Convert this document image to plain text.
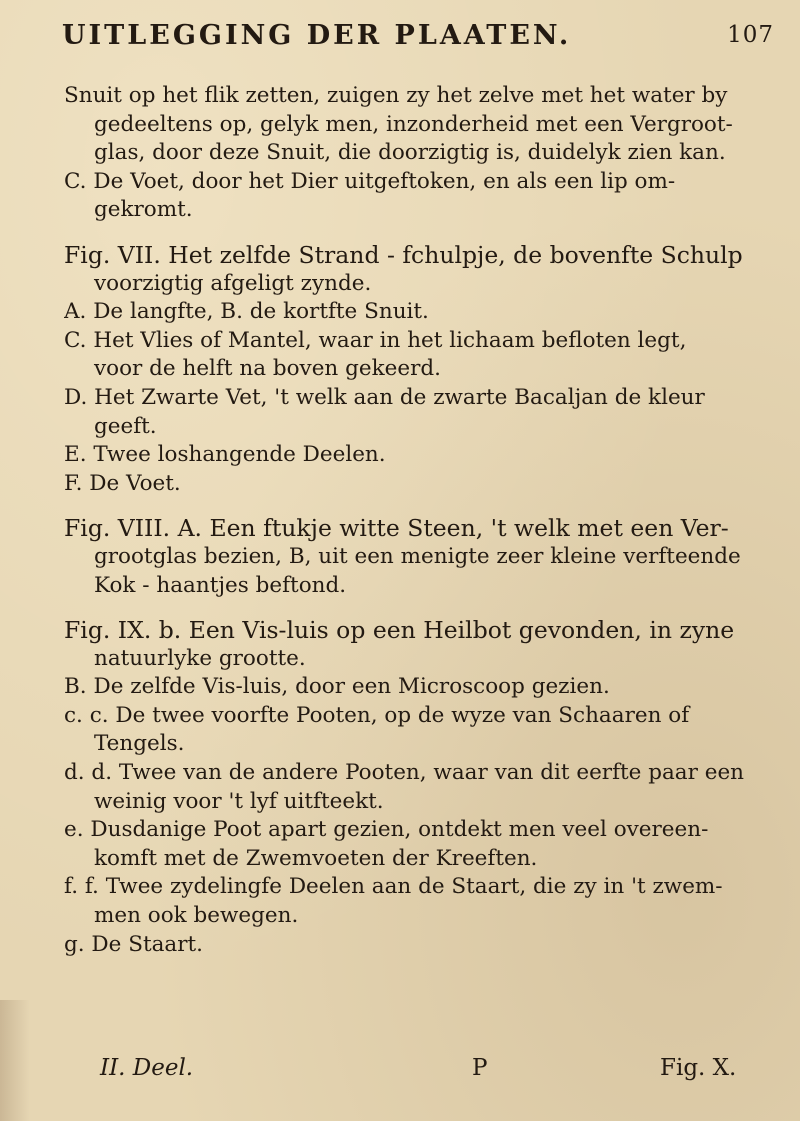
UITLEGGING DER PLAATEN.	107
Snuit op het flik zetten, zuigen zy het zelve met het water by
gedeeltens op, gelyk men, inzonderheid met een Vergroot-
glas, door deze Snuit, die doorzigtig is, duidelyk zien kan.
C. De Voet, door het Dier uitgeftoken, en als een lip om-
gekromt.
Fig. VII. Het zelfde Strand - fchulpje, de bovenfte Schulp
voorzigtig afgeligt zynde.
A. De langfte, B. de kortfte Snuit.
C. Het Vlies of Mantel, waar in het lichaam befloten legt,
voor de helft na boven gekeerd.
D. Het Zwarte Vet, 't welk aan de zwarte Bacaljan de kleur
geeft.
E. Twee loshangende Deelen.
F. De Voet.
Fig. VIII. A. Een ftukje witte Steen, 't welk met een Ver-
grootglas bezien, B, uit een menigte zeer kleine verfteende
Kok - haantjes beftond.
Fig. IX. b. Een Vis-luis op een Heilbot gevonden, in zyne
natuurlyke grootte.
B. De zelfde Vis-luis, door een Microscoop gezien.
c. c. De twee voorfte Pooten, op de wyze van Schaaren of
Tengels.
d. d. Twee van de andere Pooten, waar van dit eerfte paar een
weinig voor 't lyf uitfteekt.
e. Dusdanige Poot apart gezien, ontdekt men veel overeen-
komft met de Zwemvoeten der Kreeften.
f. f. Twee zydelingfe Deelen aan de Staart, die zy in 't zwem-
men ook bewegen.
g. De Staart.
II. Deel.	P	Fig. X.
